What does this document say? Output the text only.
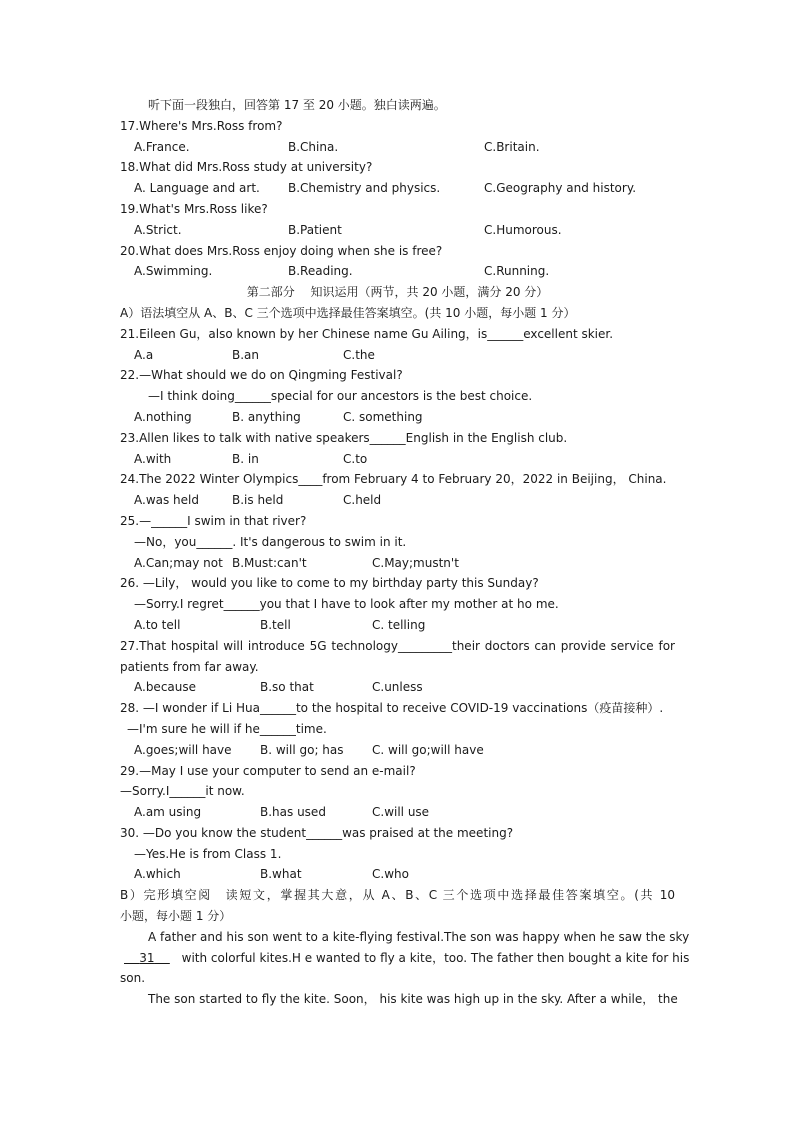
听下面一段独白，回答第 17 至 20 小题。独白读两遍。
17.Where's Mrs.Ross from?
A.France.	B.China.	C.Britain.
18.What did Mrs.Ross study at university?
A. Language and art. B.Chemistry and physics.	C.Geography and history.
19.What's Mrs.Ross like?
A.Strict.	B.Patient	C.Humorous.
20.What does Mrs.Ross enjoy doing when she is free?
A.Swimming.	B.Reading.	C.Running.
第二部分　 知识运用（两节，共 20 小题，满分 20 分）
A）语法填空从 A、B、C 三个选项中选择最佳答案填空。(共 10 小题，每小题 1 分）
21.Eileen Gu，also known by her Chinese name Gu Ailing，is______excellent skier.
A.a	B.an	C.the
22.—What should we do on Qingming Festival?
—I think doing______special for our ancestors is the best choice.
A.nothing	B. anything	C. something
23.Allen likes to talk with native speakers______English in the English club.
A.with	B. in	C.to
24.The 2022 Winter Olympics____from February 4 to February 20，2022 in Beijing， China.
A.was held	B.is held	C.held
25.—______I swim in that river?
—No，you______. It's dangerous to swim in it.
A.Can;may not B.Must:can't	C.May;mustn't
26. —Lily， would you like to come to my birthday party this Sunday?
—Sorry.I regret______you that I have to look after my mother at ho me.
A.to tell	B.tell	C. telling
27.That hospital will introduce 5G technology_________their doctors can provide service for
patients from far away.
A.because	B.so that	C.unless
28. —I wonder if Li Hua______to the hospital to receive COVID-19 vaccinations（疫苗接种）.
—I'm sure he will if he______time.
A.goes;will have B. will go; has C. will go;will have
29.—May I use your computer to send an e-mail?
—Sorry.I______it now.
A.am using	B.has used	C.will use
30. —Do you know the student______was praised at the meeting?
—Yes.He is from Class 1.
A.which	B.what	C.who
B）完形填空阅　读短文，掌握其大意，从 A、B、C 三个选项中选择最佳答案填空。(共 10
小题，每小题 1 分）
A father and his son went to a kite-flying festival.The son was happy when he saw the sky
31 with colorful kites.H e wanted to fly a kite，too. The father then bought a kite for his
son.
The son started to fly the kite. Soon， his kite was high up in the sky. After a while， the
